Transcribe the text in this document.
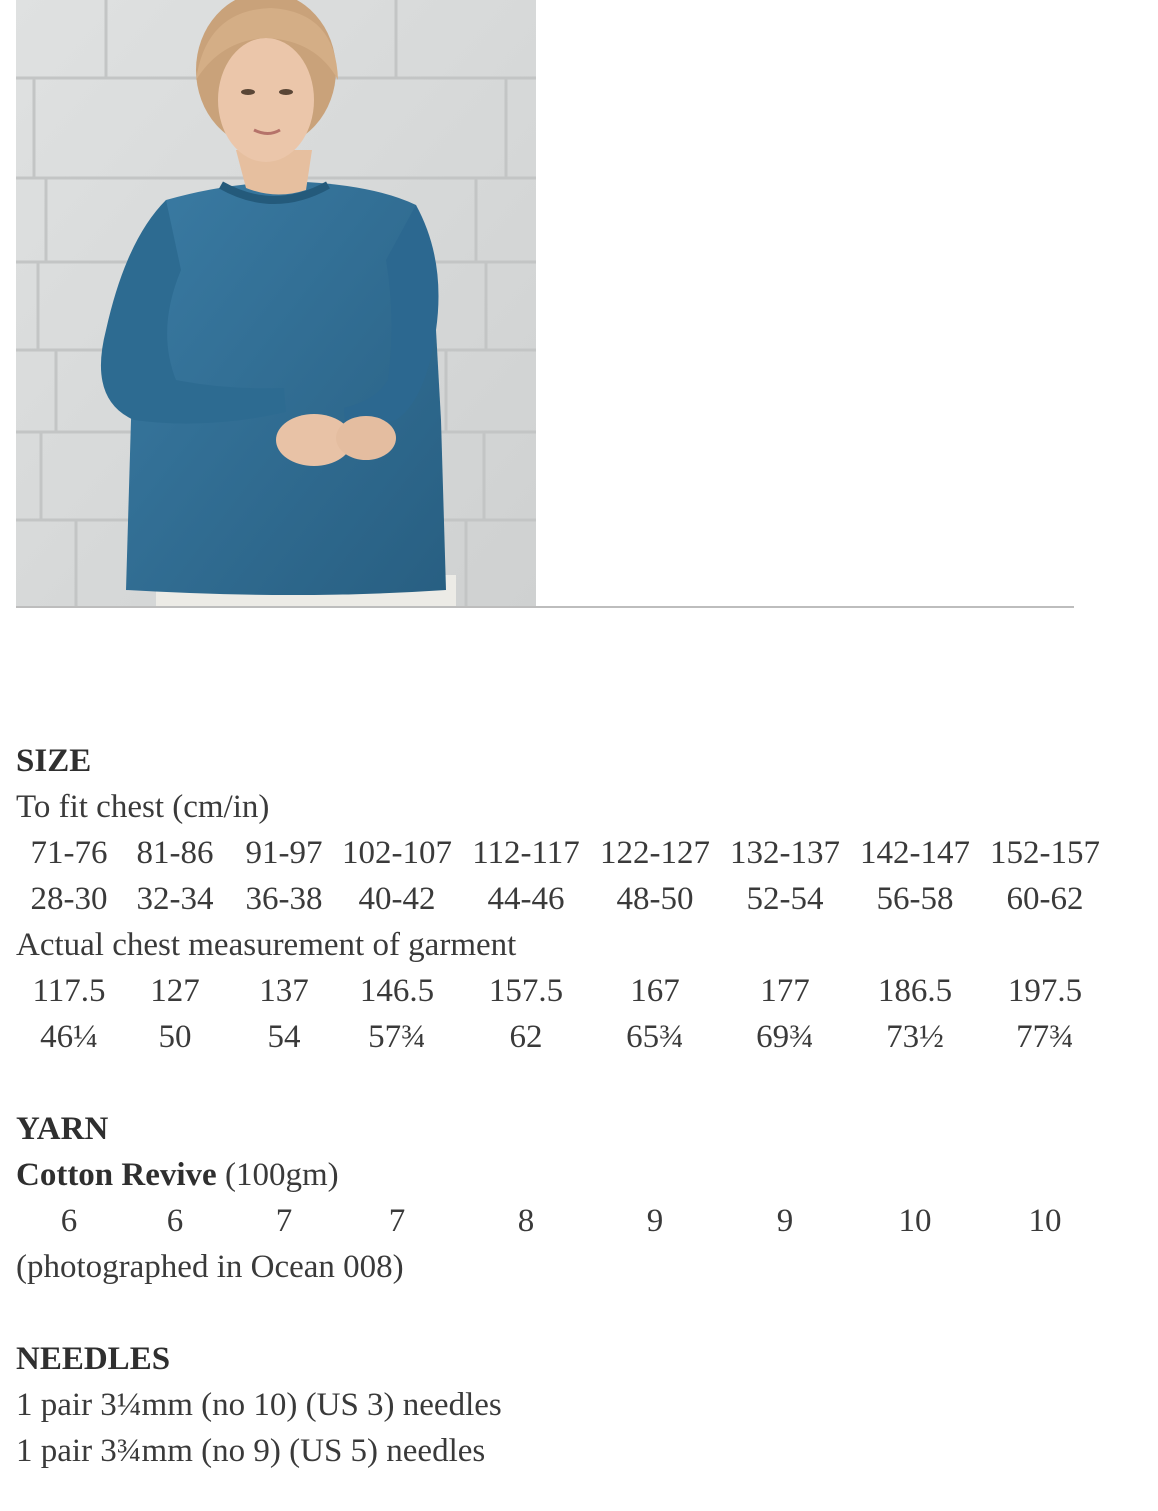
SIZE
To fit chest (cm/in)
71-76 81-86 91-97 102-107 112-117 122-127 132-137 142-147 152-157
28-30 32-34 36-38	40-42	44-46	48-50	52-54	56-58	60-62
Actual chest measurement of garment
117.5	127	137	146.5	157.5	167	177	186.5	197.5
46¼	50	54	57¾	62	65¾	69¾	73½	77¾
YARN
Cotton Revive (100gm)
6	6	7	7	8	9	9	10	10
(photographed in Ocean 008)
NEEDLES
1 pair 3¼mm (no 10) (US 3) needles
1 pair 3¾mm (no 9) (US 5) needles
